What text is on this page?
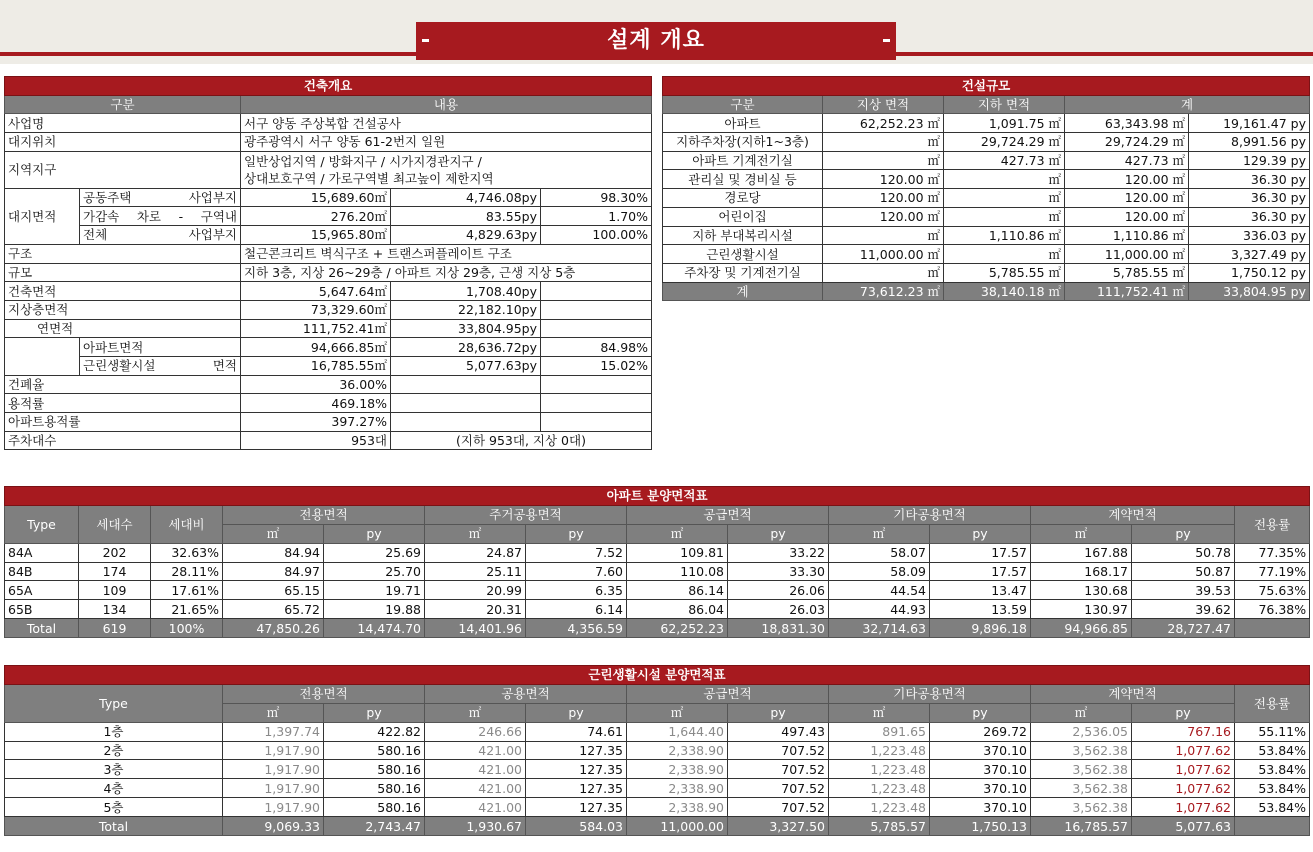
설계 개요
건축개요				
구분		내용		
사업명		서구 양동 주상복합 건설공사		
대지위치		광주광역시 서구 양동 61-2번지 일원		
지역지구		일반상업지역 / 방화지구 / 시가지경관지구 /
상대보호구역 / 가로구역별 최고높이 제한지역		

대지면적	공동주택 사업부지	15,689.60㎡	4,746.08py	98.30%
	가감속 차로 - 구역내	276.20㎡	83.55py	1.70%
	전체 사업부지	15,965.80㎡	4,829.63py	100.00%
구조		철근콘크리트 벽식구조 + 트랜스퍼플레이트 구조		
규모		지하 3층, 지상 26~29층 / 아파트 지상 29층, 근생 지상 5층		
건축면적		5,647.64㎡	1,708.40py	
지상층면적		73,329.60㎡	22,182.10py	
연면적		111,752.41㎡	33,804.95py	
	아파트면적	94,666.85㎡	28,636.72py	84.98%
	근린생활시설 면적	16,785.55㎡	5,077.63py	15.02%
건폐율		36.00%		
용적률		469.18%		
아파트용적률		397.27%		
주차대수		953대	(지하 953대, 지상 0대)	
건설규모				
구분	지상 면적	지하 면적	계	
아파트	62,252.23 ㎡	1,091.75 ㎡	63,343.98 ㎡	19,161.47 py
지하주차장(지하1~3층)	㎡	29,724.29 ㎡	29,724.29 ㎡	8,991.56 py
아파트 기계전기실	㎡	427.73 ㎡	427.73 ㎡	129.39 py
관리실 및 경비실 등	120.00 ㎡	㎡	120.00 ㎡	36.30 py
경로당	120.00 ㎡	㎡	120.00 ㎡	36.30 py
어린이집	120.00 ㎡	㎡	120.00 ㎡	36.30 py
지하 부대복리시설	㎡	1,110.86 ㎡	1,110.86 ㎡	336.03 py
근린생활시설	11,000.00 ㎡	㎡	11,000.00 ㎡	3,327.49 py
주차장 및 기계전기실	㎡	5,785.55 ㎡	5,785.55 ㎡	1,750.12 py
계	73,612.23 ㎡	38,140.18 ㎡	111,752.41 ㎡	33,804.95 py
아파트 분양면적표													
Type	세대수	세대비	전용면적		주거공용면적		공급면적		기타공용면적		계약면적		전용률
			㎡	py	㎡	py	㎡	py	㎡	py	㎡	py	
84A	202	32.63%	84.94	25.69	24.87	7.52	109.81	33.22	58.07	17.57	167.88	50.78	77.35%
84B	174	28.11%	84.97	25.70	25.11	7.60	110.08	33.30	58.09	17.57	168.17	50.87	77.19%
65A	109	17.61%	65.15	19.71	20.99	6.35	86.14	26.06	44.54	13.47	130.68	39.53	75.63%
65B	134	21.65%	65.72	19.88	20.31	6.14	86.04	26.03	44.93	13.59	130.97	39.62	76.38%
Total	619	100%	47,850.26	14,474.70	14,401.96	4,356.59	62,252.23	18,831.30	32,714.63	9,896.18	94,966.85	28,727.47	
근린생활시설 분양면적표											
Type	전용면적		공용면적		공급면적		기타공용면적		계약면적		전용률
	㎡	py	㎡	py	㎡	py	㎡	py	㎡	py	
1층	1,397.74	422.82	246.66	74.61	1,644.40	497.43	891.65	269.72	2,536.05	767.16	55.11%
2층	1,917.90	580.16	421.00	127.35	2,338.90	707.52	1,223.48	370.10	3,562.38	1,077.62	53.84%
3층	1,917.90	580.16	421.00	127.35	2,338.90	707.52	1,223.48	370.10	3,562.38	1,077.62	53.84%
4층	1,917.90	580.16	421.00	127.35	2,338.90	707.52	1,223.48	370.10	3,562.38	1,077.62	53.84%
5층	1,917.90	580.16	421.00	127.35	2,338.90	707.52	1,223.48	370.10	3,562.38	1,077.62	53.84%
Total	9,069.33	2,743.47	1,930.67	584.03	11,000.00	3,327.50	5,785.57	1,750.13	16,785.57	5,077.63	
